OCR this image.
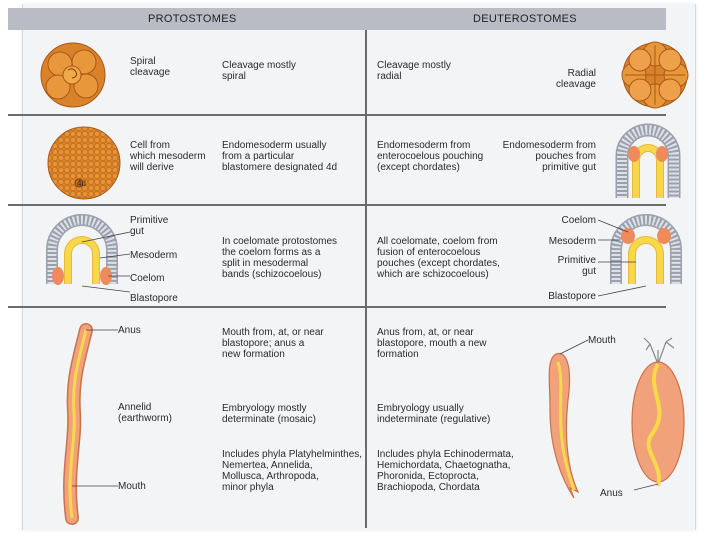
PROTOSTOMES	DEUTEROSTOMES
Spiral
cleavage
Cleavage mostly
spiral
Cleavage mostly
radial	Radial
cleavage
4d
Cell from
which mesoderm
will derive
Endomesoderm usually
from a particular
blastomere designated 4d
Endomesoderm from
enterocoelous pouching
(except chordates)
Endomesoderm from
pouches from
primitive gut
Primitive
gut
Mesoderm
Coelom
Blastopore
In coelomate protostomes
the coelom forms as a
split in mesodermal
bands (schizocoelous)
All coelomate, coelom from
fusion of enterocoelous
pouches (except chordates,
which are schizocoelous)
Coelom
Mesoderm
Primitive
gut
Blastopore
Anus
Annelid
(earthworm)
Mouth
Mouth from, at, or near
blastopore; anus a
new formation
Embryology mostly
determinate (mosaic)
Includes phyla Platyhelminthes,
Nemertea, Annelida,
Mollusca, Arthropoda,
minor phyla
Anus from, at, or near
blastopore, mouth a new
formation
Embryology usually
indeterminate (regulative)
Includes phyla Echinodermata,
Hemichordata, Chaetognatha,
Phoronida, Ectoprocta,
Brachiopoda, Chordata
Mouth
Anus
